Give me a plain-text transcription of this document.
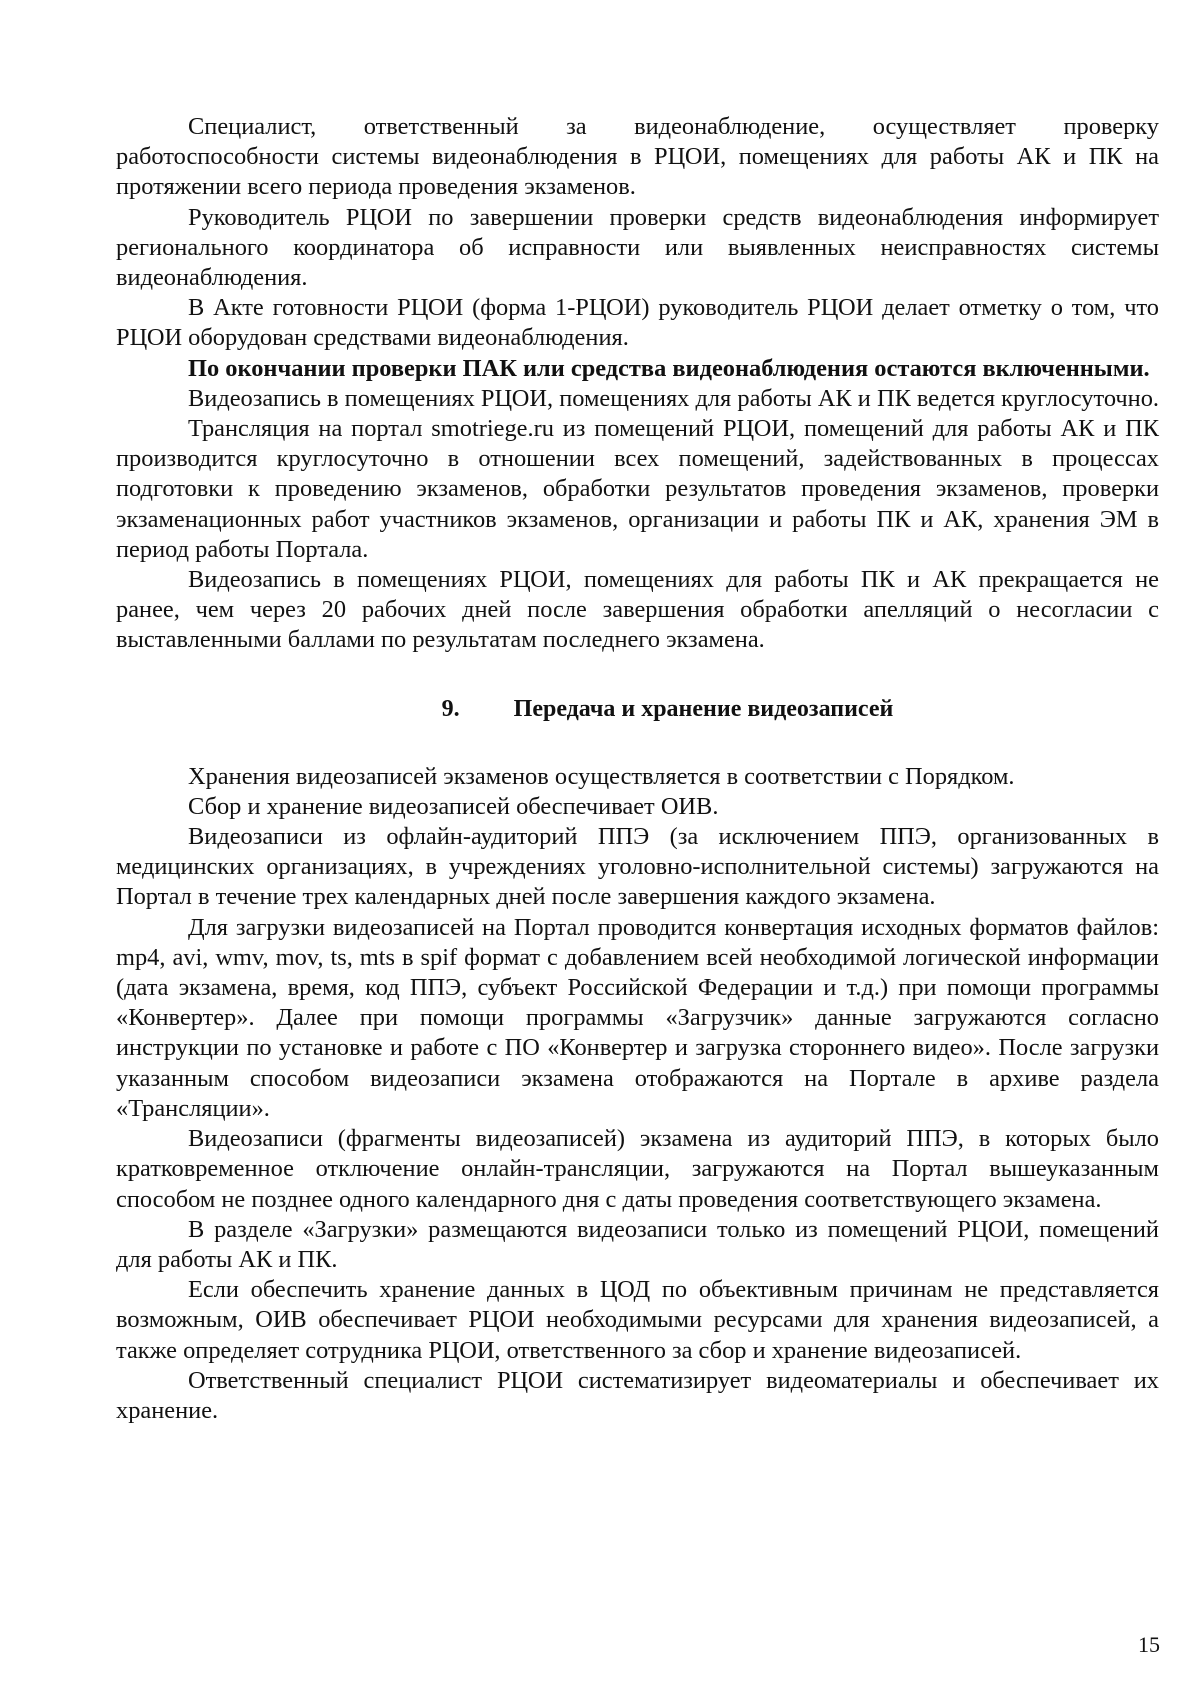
Специалист, ответственный за видеонаблюдение, осуществляет проверку работоспособности системы видеонаблюдения в РЦОИ, помещениях для работы АК и ПК на протяжении всего периода проведения экзаменов.

Руководитель РЦОИ по завершении проверки средств видеонаблюдения информирует регионального координатора об исправности или выявленных неисправностях системы видеонаблюдения.

В Акте готовности РЦОИ (форма 1-РЦОИ) руководитель РЦОИ делает отметку о том, что РЦОИ оборудован средствами видеонаблюдения.

По окончании проверки ПАК или средства видеонаблюдения остаются включенными.

Видеозапись в помещениях РЦОИ, помещениях для работы АК и ПК ведется круглосуточно.

Трансляция на портал smotriege.ru из помещений РЦОИ, помещений для работы АК и ПК производится круглосуточно в отношении всех помещений, задействованных в процессах подготовки к проведению экзаменов, обработки результатов проведения экзаменов, проверки экзаменационных работ участников экзаменов, организации и работы ПК и АК, хранения ЭМ в период работы Портала.

Видеозапись в помещениях РЦОИ, помещениях для работы ПК и АК прекращается не ранее, чем через 20 рабочих дней после завершения обработки апелляций о несогласии с выставленными баллами по результатам последнего экзамена.

9. Передача и хранение видеозаписей

Хранения видеозаписей экзаменов осуществляется в соответствии с Порядком.

Сбор и хранение видеозаписей обеспечивает ОИВ.

Видеозаписи из офлайн-аудиторий ППЭ (за исключением ППЭ, организованных в медицинских организациях, в учреждениях уголовно-исполнительной системы) загружаются на Портал в течение трех календарных дней после завершения каждого экзамена.

Для загрузки видеозаписей на Портал проводится конвертация исходных форматов файлов: mp4, avi, wmv, mov, ts, mts в spif формат с добавлением всей необходимой логической информации (дата экзамена, время, код ППЭ, субъект Российской Федерации и т.д.) при помощи программы «Конвертер». Далее при помощи программы «Загрузчик» данные загружаются согласно инструкции по установке и работе с ПО «Конвертер и загрузка стороннего видео». После загрузки указанным способом видеозаписи экзамена отображаются на Портале в архиве раздела «Трансляции».

Видеозаписи (фрагменты видеозаписей) экзамена из аудиторий ППЭ, в которых было кратковременное отключение онлайн-трансляции, загружаются на Портал вышеуказанным способом не позднее одного календарного дня с даты проведения соответствующего экзамена.

В разделе «Загрузки» размещаются видеозаписи только из помещений РЦОИ, помещений для работы АК и ПК.

Если обеспечить хранение данных в ЦОД по объективным причинам не представляется возможным, ОИВ обеспечивает РЦОИ необходимыми ресурсами для хранения видеозаписей, а также определяет сотрудника РЦОИ, ответственного за сбор и хранение видеозаписей.

Ответственный специалист РЦОИ систематизирует видеоматериалы и обеспечивает их хранение.

15
